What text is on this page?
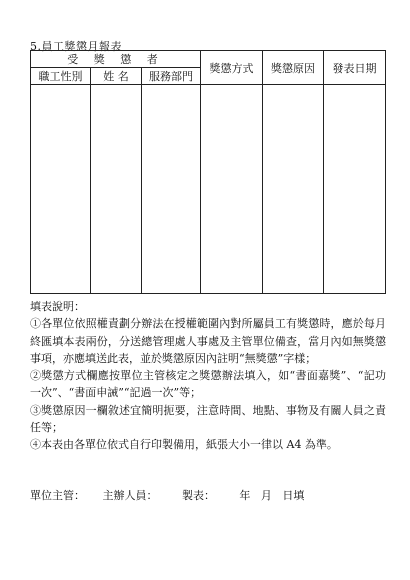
5.員工獎懲月報表
受 獎 懲 者			獎懲方式	獎懲原因	發表日期
職工性別	姓 名	服務部門			

填表說明：

①各單位依照權責劃分辦法在授權範圍內對所屬員工有獎懲時，應於每月終匯填本表兩份，分送總管理處人事處及主管單位備查，當月內如無獎懲事項，亦應填送此表，並於獎懲原因內註明“無獎懲”字樣；

②獎懲方式欄應按單位主管核定之獎懲辦法填入，如“書面嘉獎”、“記功一次”、“書面申誡”“記過一次”等；

③獎懲原因一欄敘述宜簡明扼要，注意時間、地點、事物及有關人員之責任等；

④本表由各單位依式自行印製備用，紙張大小一律以 A4 為準。

單位主管：     主辦人員：       製表：       年   月   日填
